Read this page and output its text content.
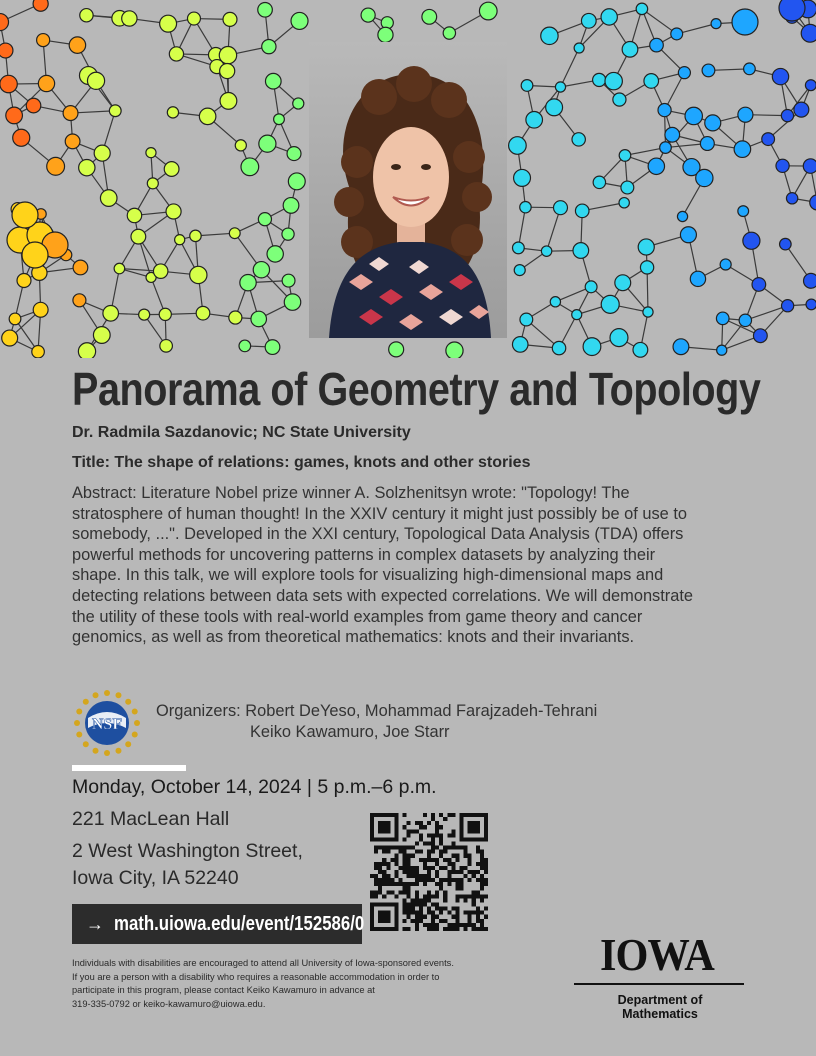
Panorama of Geometry and Topology
Dr. Radmila Sazdanovic; NC State University
Title: The shape of relations: games, knots and other stories
Abstract: Literature Nobel prize winner A. Solzhenitsyn wrote: "Topology! The stratosphere of human thought! In the XXIV century it might just possibly be of use to somebody, ...". Developed in the XXI century, Topological Data Analysis (TDA) offers powerful methods for uncovering patterns in complex datasets by analyzing their shape. In this talk, we will explore tools for visualizing high-dimensional maps and detecting relations between data sets with expected correlations. We will demonstrate the utility of these tools with real-world examples from game theory and cancer genomics, as well as from theoretical mathematics: knots and their invariants.
NSF
Organizers: Robert DeYeso, Mohammad Farajzadeh-Tehrani
Keiko Kawamuro, Joe Starr
Monday, October 14, 2024 | 5 p.m.–6 p.m.
221 MacLean Hall
2 West Washington Street,
Iowa City, IA 52240
→ math.uiowa.edu/event/152586/0
Individuals with disabilities are encouraged to attend all University of Iowa-sponsored events.
If you are a person with a disability who requires a reasonable accommodation in order to
participate in this program, please contact Keiko Kawamuro in advance at
319-335-0792 or keiko-kawamuro@uiowa.edu.
IOWA
Department of Mathematics
